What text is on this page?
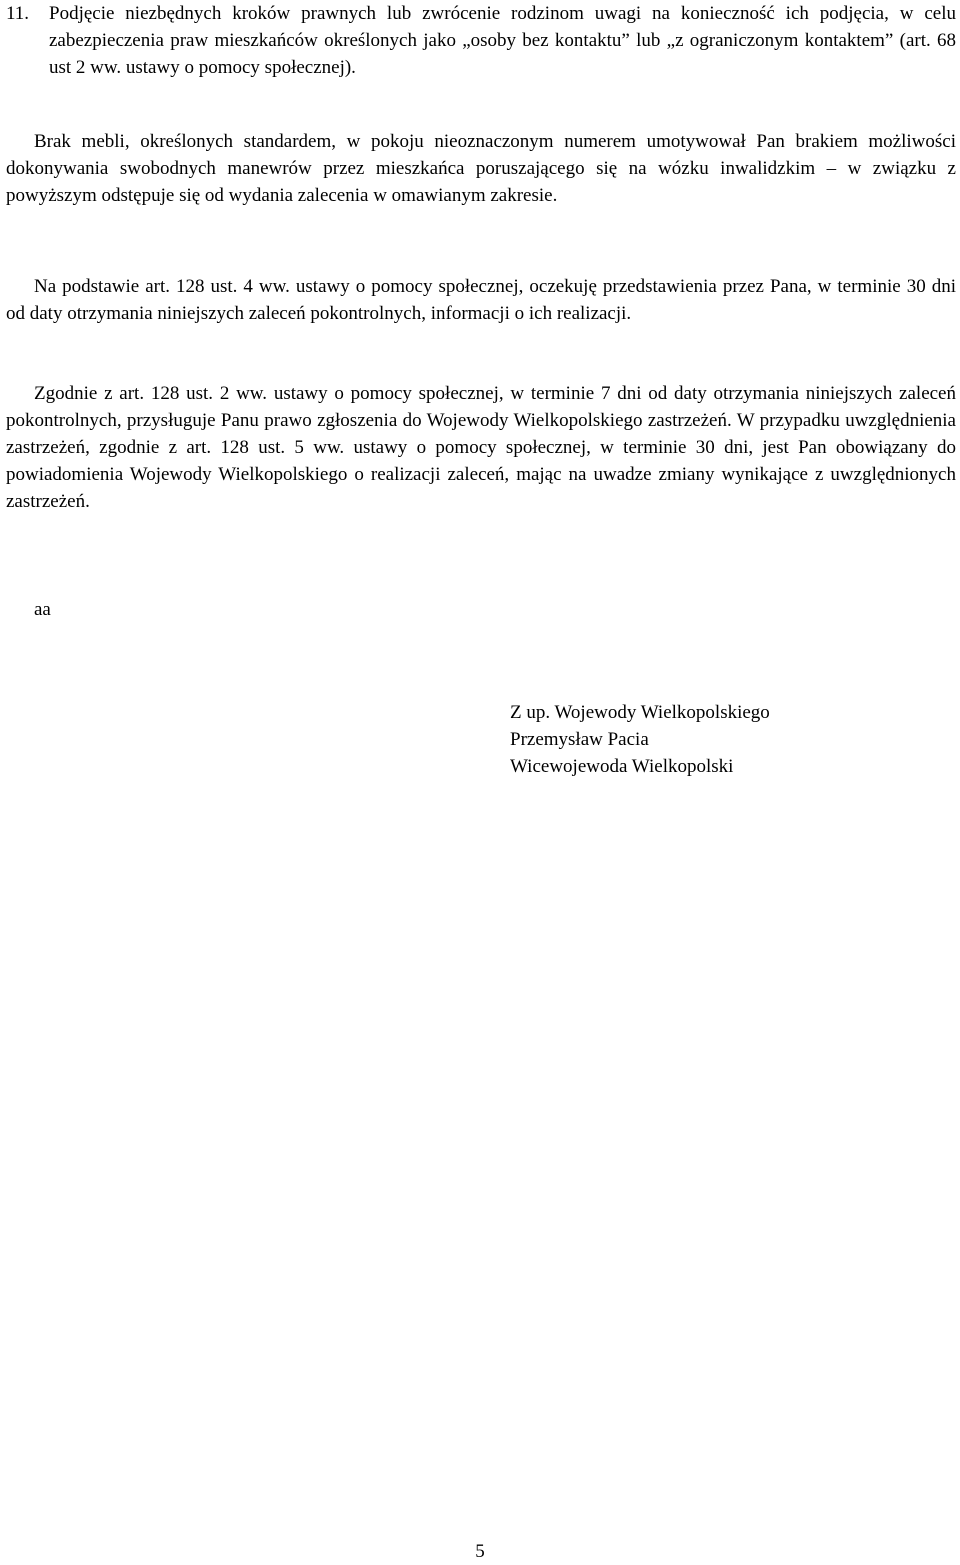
11.	Podjęcie niezbędnych kroków prawnych lub zwrócenie rodzinom uwagi na konieczność ich podjęcia, w celu zabezpieczenia praw mieszkańców określonych jako „osoby bez kontaktu” lub „z ograniczonym kontaktem” (art. 68 ust 2 ww. ustawy o pomocy społecznej).
Brak mebli, określonych standardem, w pokoju nieoznaczonym numerem umotywował Pan brakiem możliwości dokonywania swobodnych manewrów przez mieszkańca poruszającego się na wózku inwalidzkim – w związku z powyższym odstępuje się od wydania zalecenia w omawianym zakresie.
Na podstawie art. 128 ust. 4 ww. ustawy o pomocy społecznej, oczekuję przedstawienia przez Pana, w terminie 30 dni od daty otrzymania niniejszych zaleceń pokontrolnych, informacji o ich realizacji.
Zgodnie z art. 128 ust. 2 ww. ustawy o pomocy społecznej, w terminie 7 dni od daty otrzymania niniejszych zaleceń pokontrolnych, przysługuje Panu prawo zgłoszenia do Wojewody Wielkopolskiego zastrzeżeń. W przypadku uwzględnienia zastrzeżeń, zgodnie z art. 128 ust. 5 ww. ustawy o pomocy społecznej, w terminie 30 dni, jest Pan obowiązany do powiadomienia Wojewody Wielkopolskiego o realizacji zaleceń, mając na uwadze zmiany wynikające z uwzględnionych zastrzeżeń.
aa
Z up. Wojewody Wielkopolskiego
Przemysław Pacia
Wicewojewoda Wielkopolski
5
